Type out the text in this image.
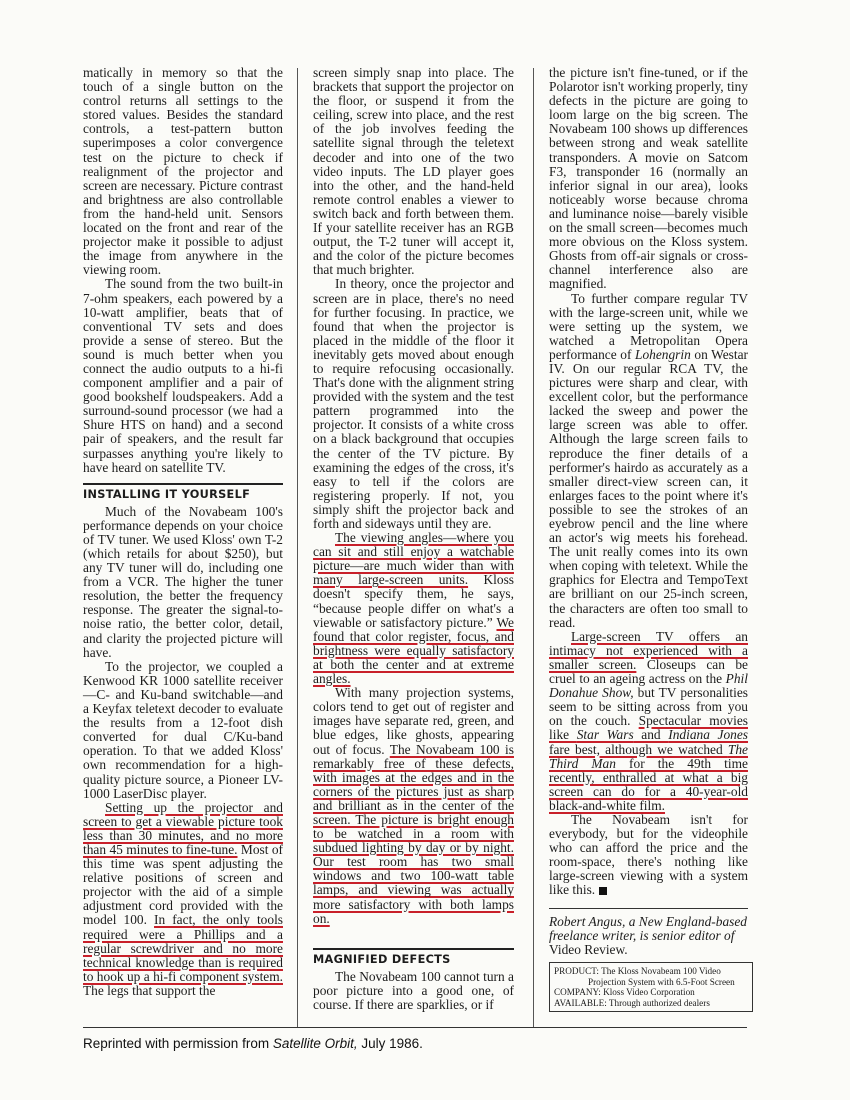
matically in memory so that the touch of a single button on the control returns all settings to the stored values. Besides the standard controls, a test-pattern button superimposes a color convergence test on the picture to check if realignment of the projector and screen are necessary. Picture contrast and brightness are also controllable from the hand-held unit. Sensors located on the front and rear of the projector make it possible to adjust the image from anywhere in the viewing room.

The sound from the two built-in 7-ohm speakers, each powered by a 10-watt amplifier, beats that of conventional TV sets and does provide a sense of stereo. But the sound is much better when you connect the audio outputs to a hi-fi component amplifier and a pair of good bookshelf loudspeakers. Add a surround-sound processor (we had a Shure HTS on hand) and a second pair of speakers, and the result far surpasses anything you're likely to have heard on satellite TV.

INSTALLING IT YOURSELF

Much of the Novabeam 100's performance depends on your choice of TV tuner. We used Kloss' own T-2 (which retails for about $250), but any TV tuner will do, including one from a VCR. The higher the tuner resolution, the better the frequency response. The greater the signal-to-noise ratio, the better color, detail, and clarity the projected picture will have.

To the projector, we coupled a Kenwood KR 1000 satellite receiver—C- and Ku-band switchable—and a Keyfax teletext decoder to evaluate the results from a 12-foot dish converted for dual C/Ku-band operation. To that we added Kloss' own recommendation for a high-quality picture source, a Pioneer LV-1000 LaserDisc player.

Setting up the projector and screen to get a viewable picture took less than 30 minutes, and no more than 45 minutes to fine-tune. Most of this time was spent adjusting the relative positions of screen and projector with the aid of a simple adjustment cord provided with the model 100. In fact, the only tools required were a Phillips and a regular screwdriver and no more technical knowledge than is required to hook up a hi-fi component system. The legs that support the

screen simply snap into place. The brackets that support the projector on the floor, or suspend it from the ceiling, screw into place, and the rest of the job involves feeding the satellite signal through the teletext decoder and into one of the two video inputs. The LD player goes into the other, and the hand-held remote control enables a viewer to switch back and forth between them. If your satellite receiver has an RGB output, the T-2 tuner will accept it, and the color of the picture becomes that much brighter.

In theory, once the projector and screen are in place, there's no need for further focusing. In practice, we found that when the projector is placed in the middle of the floor it inevitably gets moved about enough to require refocusing occasionally. That's done with the alignment string provided with the system and the test pattern programmed into the projector. It consists of a white cross on a black background that occupies the center of the TV picture. By examining the edges of the cross, it's easy to tell if the colors are registering properly. If not, you simply shift the projector back and forth and sideways until they are.

The viewing angles—where you can sit and still enjoy a watchable picture—are much wider than with many large-screen units. Kloss doesn't specify them, he says, “because people differ on what's a viewable or satisfactory picture.” We found that color register, focus, and brightness were equally satisfactory at both the center and at extreme angles.

With many projection systems, colors tend to get out of register and images have separate red, green, and blue edges, like ghosts, appearing out of focus. The Novabeam 100 is remarkably free of these defects, with images at the edges and in the corners of the pictures just as sharp and brilliant as in the center of the screen. The picture is bright enough to be watched in a room with subdued lighting by day or by night. Our test room has two small windows and two 100-watt table lamps, and viewing was actually more satisfactory with both lamps on.

MAGNIFIED DEFECTS

The Novabeam 100 cannot turn a poor picture into a good one, of course. If there are sparklies, or if

the picture isn't fine-tuned, or if the Polarotor isn't working properly, tiny defects in the picture are going to loom large on the big screen. The Novabeam 100 shows up differences between strong and weak satellite transponders. A movie on Satcom F3, transponder 16 (normally an inferior signal in our area), looks noticeably worse because chroma and luminance noise—barely visible on the small screen—becomes much more obvious on the Kloss system. Ghosts from off-air signals or cross-channel interference also are magnified.

To further compare regular TV with the large-screen unit, while we were setting up the system, we watched a Metropolitan Opera performance of Lohengrin on Westar IV. On our regular RCA TV, the pictures were sharp and clear, with excellent color, but the performance lacked the sweep and power the large screen was able to offer. Although the large screen fails to reproduce the finer details of a performer's hairdo as accurately as a smaller direct-view screen can, it enlarges faces to the point where it's possible to see the strokes of an eyebrow pencil and the line where an actor's wig meets his forehead. The unit really comes into its own when coping with teletext. While the graphics for Electra and TempoText are brilliant on our 25-inch screen, the characters are often too small to read.

Large-screen TV offers an intimacy not experienced with a smaller screen. Closeups can be cruel to an ageing actress on the Phil Donahue Show, but TV personalities seem to be sitting across from you on the couch. Spectacular movies like Star Wars and Indiana Jones fare best, although we watched The Third Man for the 49th time recently, enthralled at what a big screen can do for a 40-year-old black-and-white film.

The Novabeam isn't for everybody, but for the videophile who can afford the price and the room-space, there's nothing like large-screen viewing with a system like this.

Robert Angus, a New England-based freelance writer, is senior editor of Video Review.

PRODUCT: The Kloss Novabeam 100 Video
Projection System with 6.5-Foot Screen
COMPANY: Kloss Video Corporation
AVAILABLE: Through authorized dealers
Reprinted with permission from Satellite Orbit, July 1986.
